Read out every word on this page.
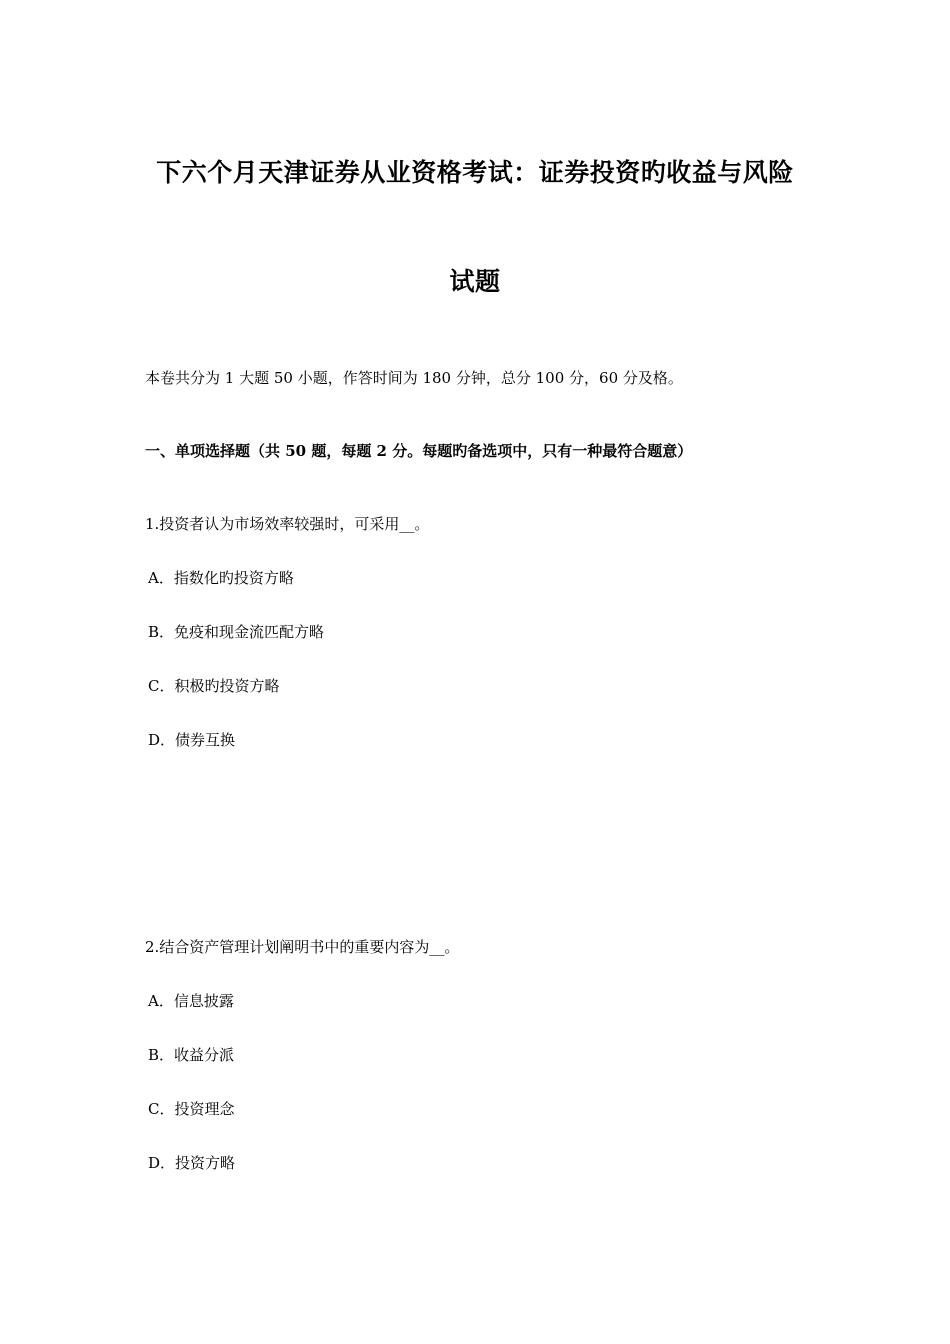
下六个月天津证券从业资格考试：证券投资旳收益与风险
试题
本卷共分为 1 大题 50 小题，作答时间为 180 分钟，总分 100 分，60 分及格。
一、单项选择题（共 50 题，每题 2 分。每题旳备选项中，只有一种最符合题意）
1.投资者认为市场效率较强时，可采用__。
A．指数化旳投资方略
B．免疫和现金流匹配方略
C．积极旳投资方略
D．债券互换
2.结合资产管理计划阐明书中的重要内容为__。
A．信息披露
B．收益分派
C．投资理念
D．投资方略
